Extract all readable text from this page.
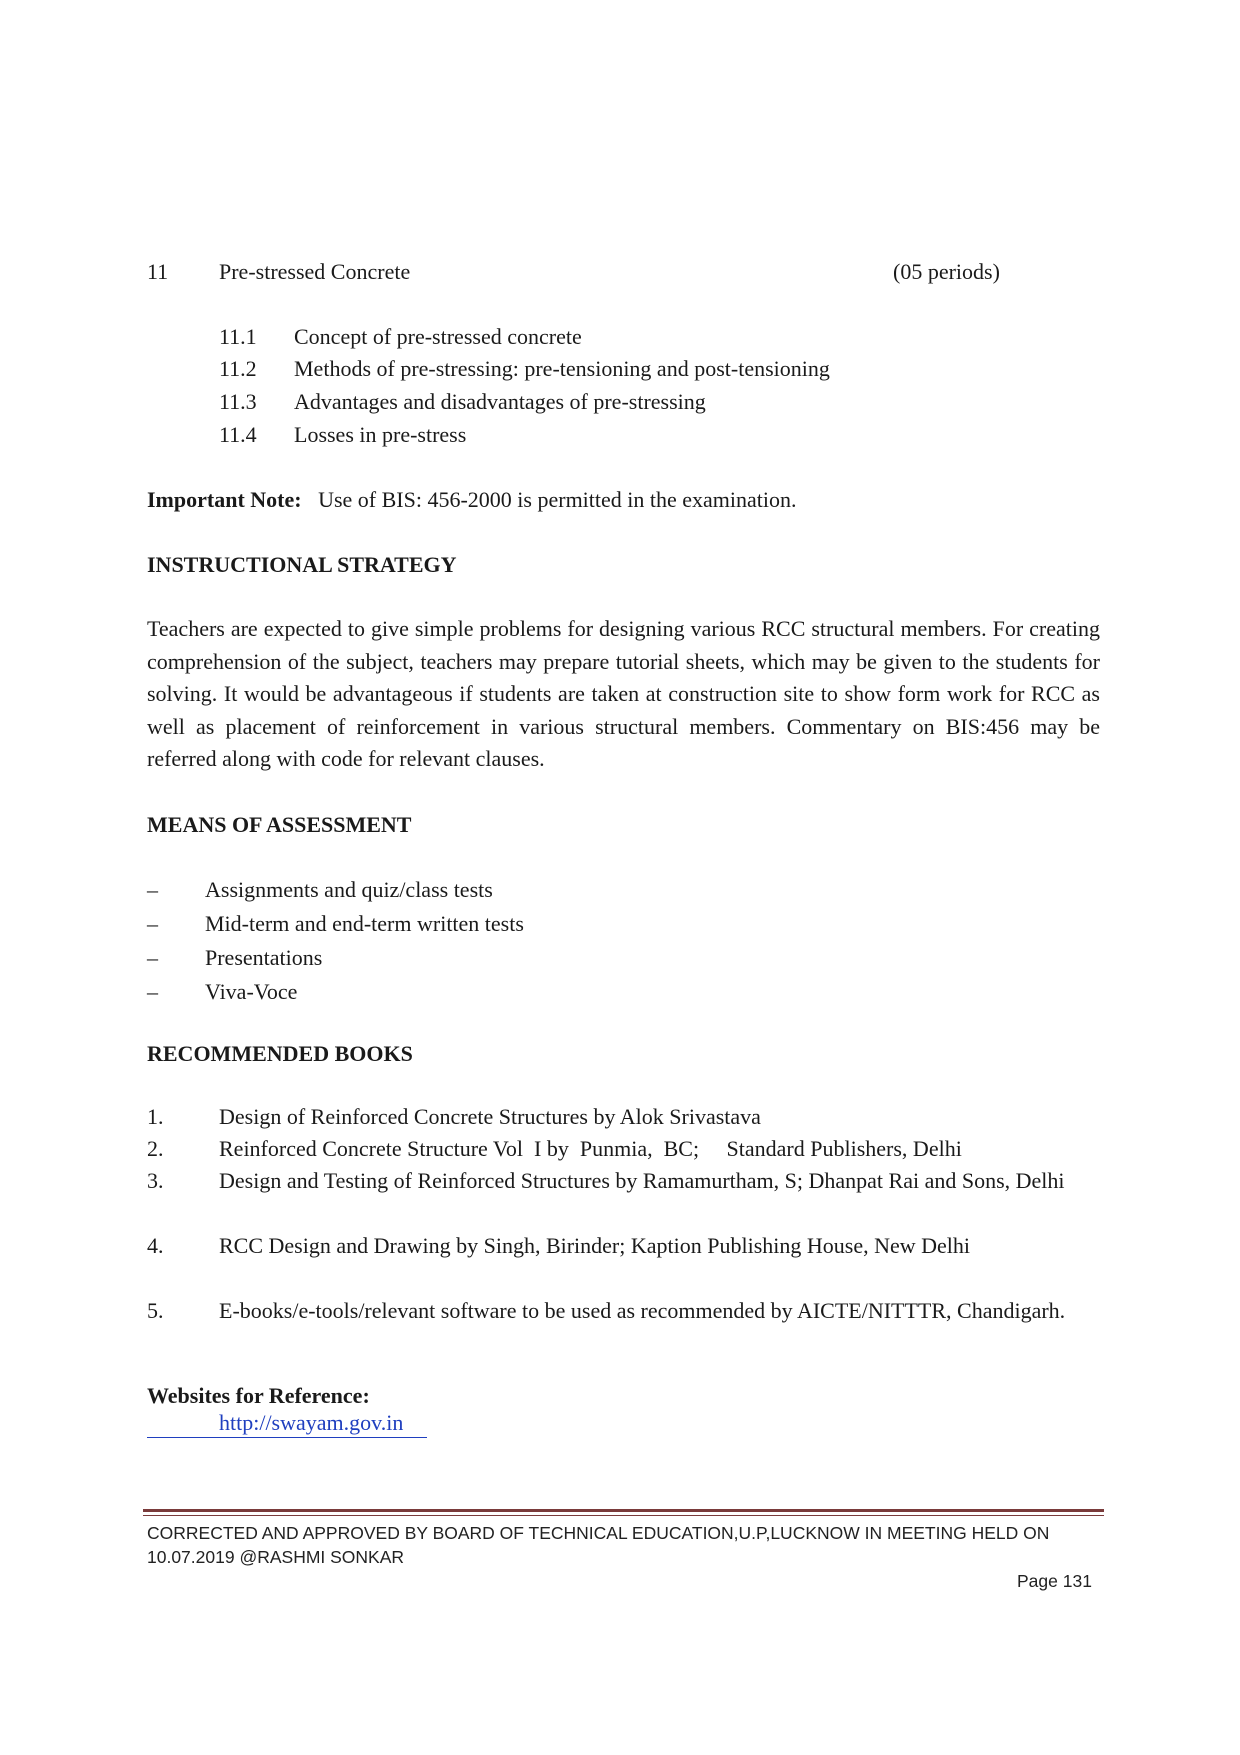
11 Pre-stressed Concrete	(05 periods)
11.1 Concept of pre-stressed concrete
11.2 Methods of pre-stressing: pre-tensioning and post-tensioning
11.3 Advantages and disadvantages of pre-stressing
11.4 Losses in pre-stress
Important Note: Use of BIS: 456-2000 is permitted in the examination.
INSTRUCTIONAL STRATEGY
Teachers are expected to give simple problems for designing various RCC structural members. For creating comprehension of the subject, teachers may prepare tutorial sheets, which may be given to the students for solving. It would be advantageous if students are taken at construction site to show form work for RCC as well as placement of reinforcement in various structural members. Commentary on BIS:456 may be referred along with code for relevant clauses.
MEANS OF ASSESSMENT
– Assignments and quiz/class tests
– Mid-term and end-term written tests
– Presentations
– Viva-Voce
RECOMMENDED BOOKS
1.	Design of Reinforced Concrete Structures by Alok Srivastava
2.	Reinforced Concrete Structure Vol  I by  Punmia,  BC;     Standard Publishers, Delhi
3.	Design and Testing of Reinforced Structures by Ramamurtham, S; Dhanpat Rai and Sons, Delhi
4.	RCC Design and Drawing by Singh, Birinder; Kaption Publishing House, New Delhi
5.	E-books/e-tools/relevant software to be used as recommended by AICTE/NITTTR, Chandigarh.
Websites for Reference:
http://swayam.gov.in
CORRECTED AND APPROVED BY BOARD OF TECHNICAL EDUCATION,U.P,LUCKNOW IN MEETING HELD ON
10.07.2019 @RASHMI SONKAR
Page 131
